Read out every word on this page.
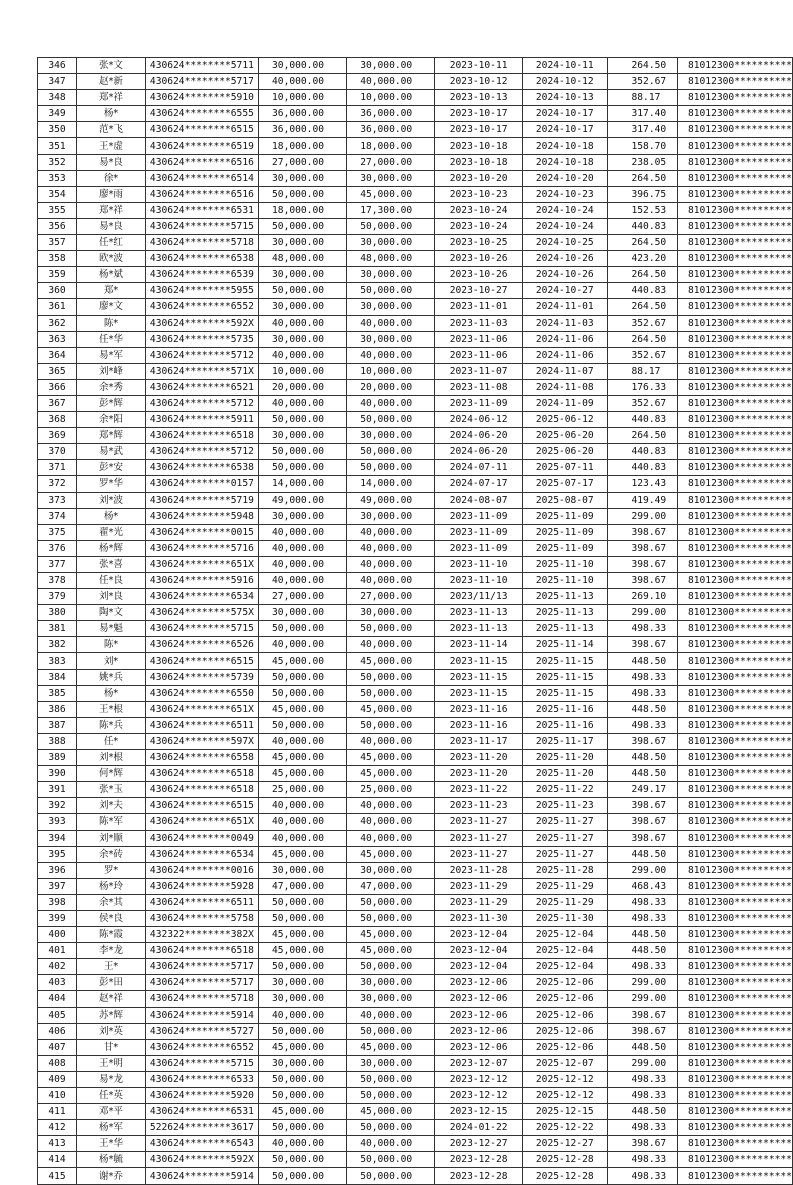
346	张*文	430624********5711	30,000.00	30,000.00	2023-10-11	2024-10-11	264.50	81012300**********
347	赵*新	430624********5717	40,000.00	40,000.00	2023-10-12	2024-10-12	352.67	81012300**********
348	郑*祥	430624********5910	10,000.00	10,000.00	2023-10-13	2024-10-13	88.17	81012300**********
349	杨*	430624********6555	36,000.00	36,000.00	2023-10-17	2024-10-17	317.40	81012300**********
350	范*飞	430624********6515	36,000.00	36,000.00	2023-10-17	2024-10-17	317.40	81012300**********
351	王*虚	430624********6519	18,000.00	18,000.00	2023-10-18	2024-10-18	158.70	81012300**********
352	易*良	430624********6516	27,000.00	27,000.00	2023-10-18	2024-10-18	238.05	81012300**********
353	徐*	430624********6514	30,000.00	30,000.00	2023-10-20	2024-10-20	264.50	81012300**********
354	廖*雨	430624********6516	50,000.00	45,000.00	2023-10-23	2024-10-23	396.75	81012300**********
355	郑*祥	430624********6531	18,000.00	17,300.00	2023-10-24	2024-10-24	152.53	81012300**********
356	易*良	430624********5715	50,000.00	50,000.00	2023-10-24	2024-10-24	440.83	81012300**********
357	任*红	430624********5718	30,000.00	30,000.00	2023-10-25	2024-10-25	264.50	81012300**********
358	欧*波	430624********6538	48,000.00	48,000.00	2023-10-26	2024-10-26	423.20	81012300**********
359	杨*斌	430624********6539	30,000.00	30,000.00	2023-10-26	2024-10-26	264.50	81012300**********
360	郑*	430624********5955	50,000.00	50,000.00	2023-10-27	2024-10-27	440.83	81012300**********
361	廖*文	430624********6552	30,000.00	30,000.00	2023-11-01	2024-11-01	264.50	81012300**********
362	陈*	430624********592X	40,000.00	40,000.00	2023-11-03	2024-11-03	352.67	81012300**********
363	任*华	430624********5735	30,000.00	30,000.00	2023-11-06	2024-11-06	264.50	81012300**********
364	易*军	430624********5712	40,000.00	40,000.00	2023-11-06	2024-11-06	352.67	81012300**********
365	刘*峰	430624********571X	10,000.00	10,000.00	2023-11-07	2024-11-07	88.17	81012300**********
366	余*秀	430624********6521	20,000.00	20,000.00	2023-11-08	2024-11-08	176.33	81012300**********
367	彭*辉	430624********5712	40,000.00	40,000.00	2023-11-09	2024-11-09	352.67	81012300**********
368	余*阳	430624********5911	50,000.00	50,000.00	2024-06-12	2025-06-12	440.83	81012300**********
369	郑*辉	430624********6518	30,000.00	30,000.00	2024-06-20	2025-06-20	264.50	81012300**********
370	易*武	430624********5712	50,000.00	50,000.00	2024-06-20	2025-06-20	440.83	81012300**********
371	彭*安	430624********6538	50,000.00	50,000.00	2024-07-11	2025-07-11	440.83	81012300**********
372	罗*华	430624********0157	14,000.00	14,000.00	2024-07-17	2025-07-17	123.43	81012300**********
373	刘*波	430624********5719	49,000.00	49,000.00	2024-08-07	2025-08-07	419.49	81012300**********
374	杨*	430624********5948	30,000.00	30,000.00	2023-11-09	2025-11-09	299.00	81012300**********
375	翟*光	430624********0015	40,000.00	40,000.00	2023-11-09	2025-11-09	398.67	81012300**********
376	杨*辉	430624********5716	40,000.00	40,000.00	2023-11-09	2025-11-09	398.67	81012300**********
377	张*喜	430624********651X	40,000.00	40,000.00	2023-11-10	2025-11-10	398.67	81012300**********
378	任*良	430624********5916	40,000.00	40,000.00	2023-11-10	2025-11-10	398.67	81012300**********
379	刘*良	430624********6534	27,000.00	27,000.00	2023/11/13	2025-11-13	269.10	81012300**********
380	陶*文	430624********575X	30,000.00	30,000.00	2023-11-13	2025-11-13	299.00	81012300**********
381	易*魁	430624********5715	50,000.00	50,000.00	2023-11-13	2025-11-13	498.33	81012300**********
382	陈*	430624********6526	40,000.00	40,000.00	2023-11-14	2025-11-14	398.67	81012300**********
383	刘*	430624********6515	45,000.00	45,000.00	2023-11-15	2025-11-15	448.50	81012300**********
384	姚*兵	430624********5739	50,000.00	50,000.00	2023-11-15	2025-11-15	498.33	81012300**********
385	杨*	430624********6550	50,000.00	50,000.00	2023-11-15	2025-11-15	498.33	81012300**********
386	王*根	430624********651X	45,000.00	45,000.00	2023-11-16	2025-11-16	448.50	81012300**********
387	陈*兵	430624********6511	50,000.00	50,000.00	2023-11-16	2025-11-16	498.33	81012300**********
388	任*	430624********597X	40,000.00	40,000.00	2023-11-17	2025-11-17	398.67	81012300**********
389	刘*根	430624********6558	45,000.00	45,000.00	2023-11-20	2025-11-20	448.50	81012300**********
390	何*辉	430624********6518	45,000.00	45,000.00	2023-11-20	2025-11-20	448.50	81012300**********
391	张*玉	430624********6518	25,000.00	25,000.00	2023-11-22	2025-11-22	249.17	81012300**********
392	刘*夫	430624********6515	40,000.00	40,000.00	2023-11-23	2025-11-23	398.67	81012300**********
393	陈*军	430624********651X	40,000.00	40,000.00	2023-11-27	2025-11-27	398.67	81012300**********
394	刘*顺	430624********0049	40,000.00	40,000.00	2023-11-27	2025-11-27	398.67	81012300**********
395	余*砖	430624********6534	45,000.00	45,000.00	2023-11-27	2025-11-27	448.50	81012300**********
396	罗*	430624********0016	30,000.00	30,000.00	2023-11-28	2025-11-28	299.00	81012300**********
397	杨*玲	430624********5928	47,000.00	47,000.00	2023-11-29	2025-11-29	468.43	81012300**********
398	余*其	430624********6511	50,000.00	50,000.00	2023-11-29	2025-11-29	498.33	81012300**********
399	侯*良	430624********5758	50,000.00	50,000.00	2023-11-30	2025-11-30	498.33	81012300**********
400	陈*霞	432322********382X	45,000.00	45,000.00	2023-12-04	2025-12-04	448.50	81012300**********
401	李*龙	430624********6518	45,000.00	45,000.00	2023-12-04	2025-12-04	448.50	81012300**********
402	王*	430624********5717	50,000.00	50,000.00	2023-12-04	2025-12-04	498.33	81012300**********
403	彭*田	430624********5717	30,000.00	30,000.00	2023-12-06	2025-12-06	299.00	81012300**********
404	赵*祥	430624********5718	30,000.00	30,000.00	2023-12-06	2025-12-06	299.00	81012300**********
405	苏*辉	430624********5914	40,000.00	40,000.00	2023-12-06	2025-12-06	398.67	81012300**********
406	刘*英	430624********5727	50,000.00	50,000.00	2023-12-06	2025-12-06	398.67	81012300**********
407	甘*	430624********6552	45,000.00	45,000.00	2023-12-06	2025-12-06	448.50	81012300**********
408	王*明	430624********5715	30,000.00	30,000.00	2023-12-07	2025-12-07	299.00	81012300**********
409	易*龙	430624********6533	50,000.00	50,000.00	2023-12-12	2025-12-12	498.33	81012300**********
410	任*英	430624********5920	50,000.00	50,000.00	2023-12-12	2025-12-12	498.33	81012300**********
411	邓*平	430624********6531	45,000.00	45,000.00	2023-12-15	2025-12-15	448.50	81012300**********
412	杨*军	522624********3617	50,000.00	50,000.00	2024-01-22	2025-12-22	498.33	81012300**********
413	王*华	430624********6543	40,000.00	40,000.00	2023-12-27	2025-12-27	398.67	81012300**********
414	杨*毓	430624********592X	50,000.00	50,000.00	2023-12-28	2025-12-28	498.33	81012300**********
415	谢*乔	430624********5914	50,000.00	50,000.00	2023-12-28	2025-12-28	498.33	81012300**********
